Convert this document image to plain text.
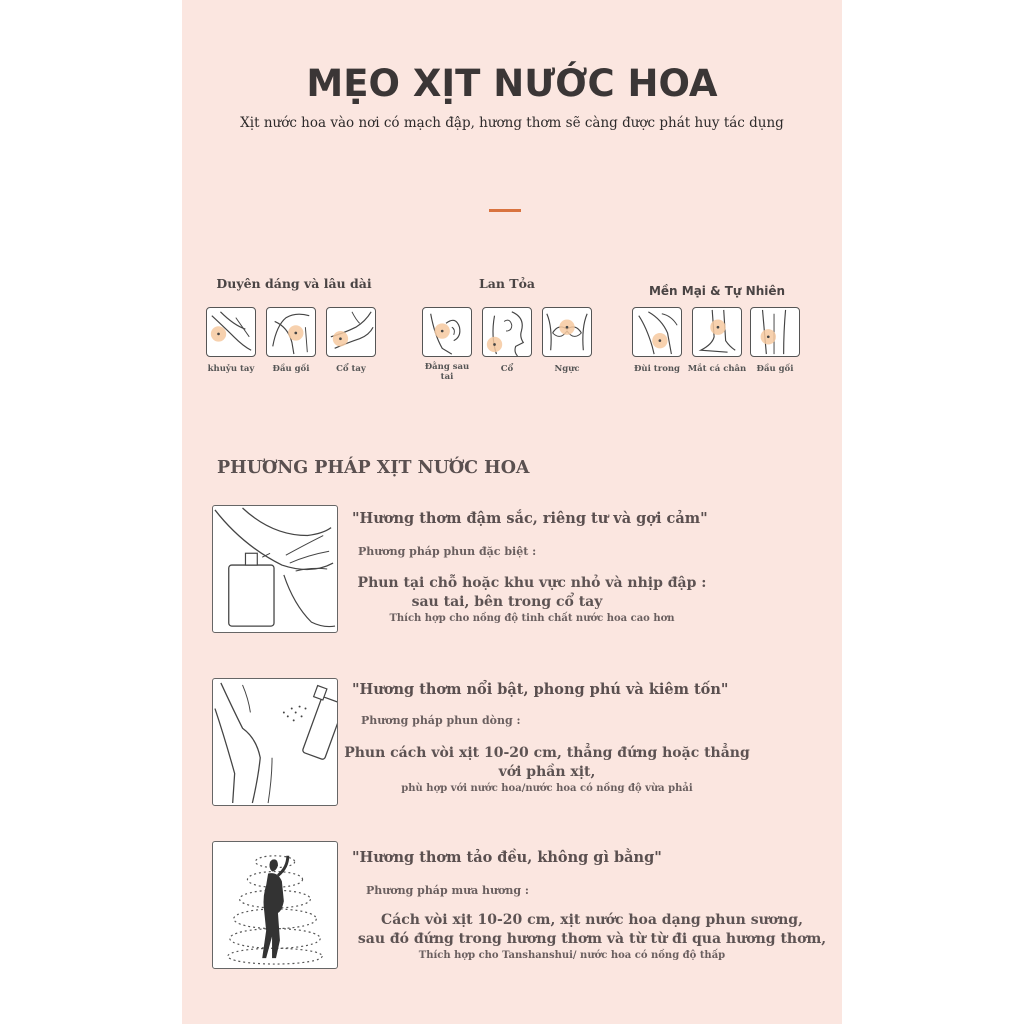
MẸO XỊT NƯỚC HOA
Xịt nước hoa vào nơi có mạch đập, hương thơm sẽ càng được phát huy tác dụng
Duyên dáng và lâu dài
khuỷu tay	Đầu gối	Cổ tay
Lan Tỏa
Đằng sau tai
Cổ	Ngực
Mền Mại & Tự Nhiên
Đùi trong Mắt cá chân	Đầu gối
PHƯƠNG PHÁP XỊT NƯỚC HOA
"Hương thơm đậm sắc, riêng tư và gợi cảm"
Phương pháp phun đặc biệt :
Phun tại chỗ hoặc khu vực nhỏ và nhịp đập :
sau tai, bên trong cổ tay
Thích hợp cho nồng độ tinh chất nước hoa cao hơn
"Hương thơm nổi bật, phong phú và kiêm tốn"
Phương pháp phun dòng :
Phun cách vòi xịt 10-20 cm, thẳng đứng hoặc thẳng
với phần xịt,
phù hợp với nước hoa/nước hoa có nồng độ vừa phải
"Hương thơm tảo đều, không gì bằng"
Phương pháp mưa hương :
Cách vòi xịt 10-20 cm, xịt nước hoa dạng phun sương,
sau đó đứng trong hương thơm và từ từ đi qua hương thơm,
Thích hợp cho Tanshanshui/ nước hoa có nồng độ thấp
